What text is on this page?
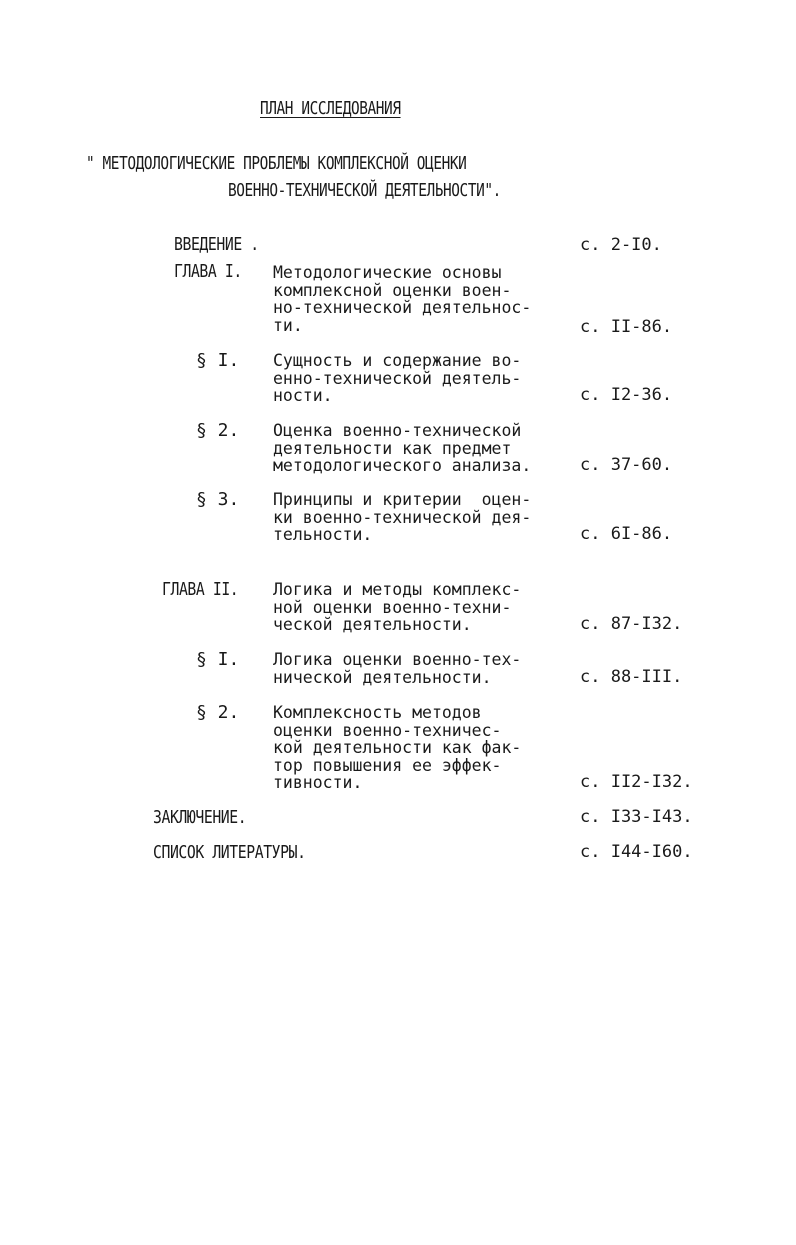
ПЛАН ИССЛЕДОВАНИЯ
" МЕТОДОЛОГИЧЕСКИЕ ПРОБЛЕМЫ КОМПЛЕКСНОЙ ОЦЕНКИ
ВОЕННО-ТЕХНИЧЕСКОЙ ДЕЯТЕЛЬНОСТИ".
ВВЕДЕНИЕ .	с. 2-I0.
ГЛАВА I. Методологические основы
комплексной оценки воен-
но-технической деятельнос-
ти.	с. II-86.
§ I. Сущность и содержание во-
енно-технической деятель-
ности.	с. I2-36.
§ 2. Оценка военно-технической
деятельности как предмет
методологического анализа.	с. 37-60.
§ 3. Принципы и критерии  оцен-
ки военно-технической дея-
тельности.	с. 6I-86.
ГЛАВА II. Логика и методы комплекс-
ной оценки военно-техни-
ческой деятельности.	с. 87-I32.
§ I. Логика оценки военно-тех-
нической деятельности.	с. 88-III.
§ 2. Комплексность методов
оценки военно-техничес-
кой деятельности как фак-
тор повышения ее эффек-
тивности.	с. II2-I32.
ЗАКЛЮЧЕНИЕ.	с. I33-I43.
СПИСОК ЛИТЕРАТУРЫ.	с. I44-I60.
